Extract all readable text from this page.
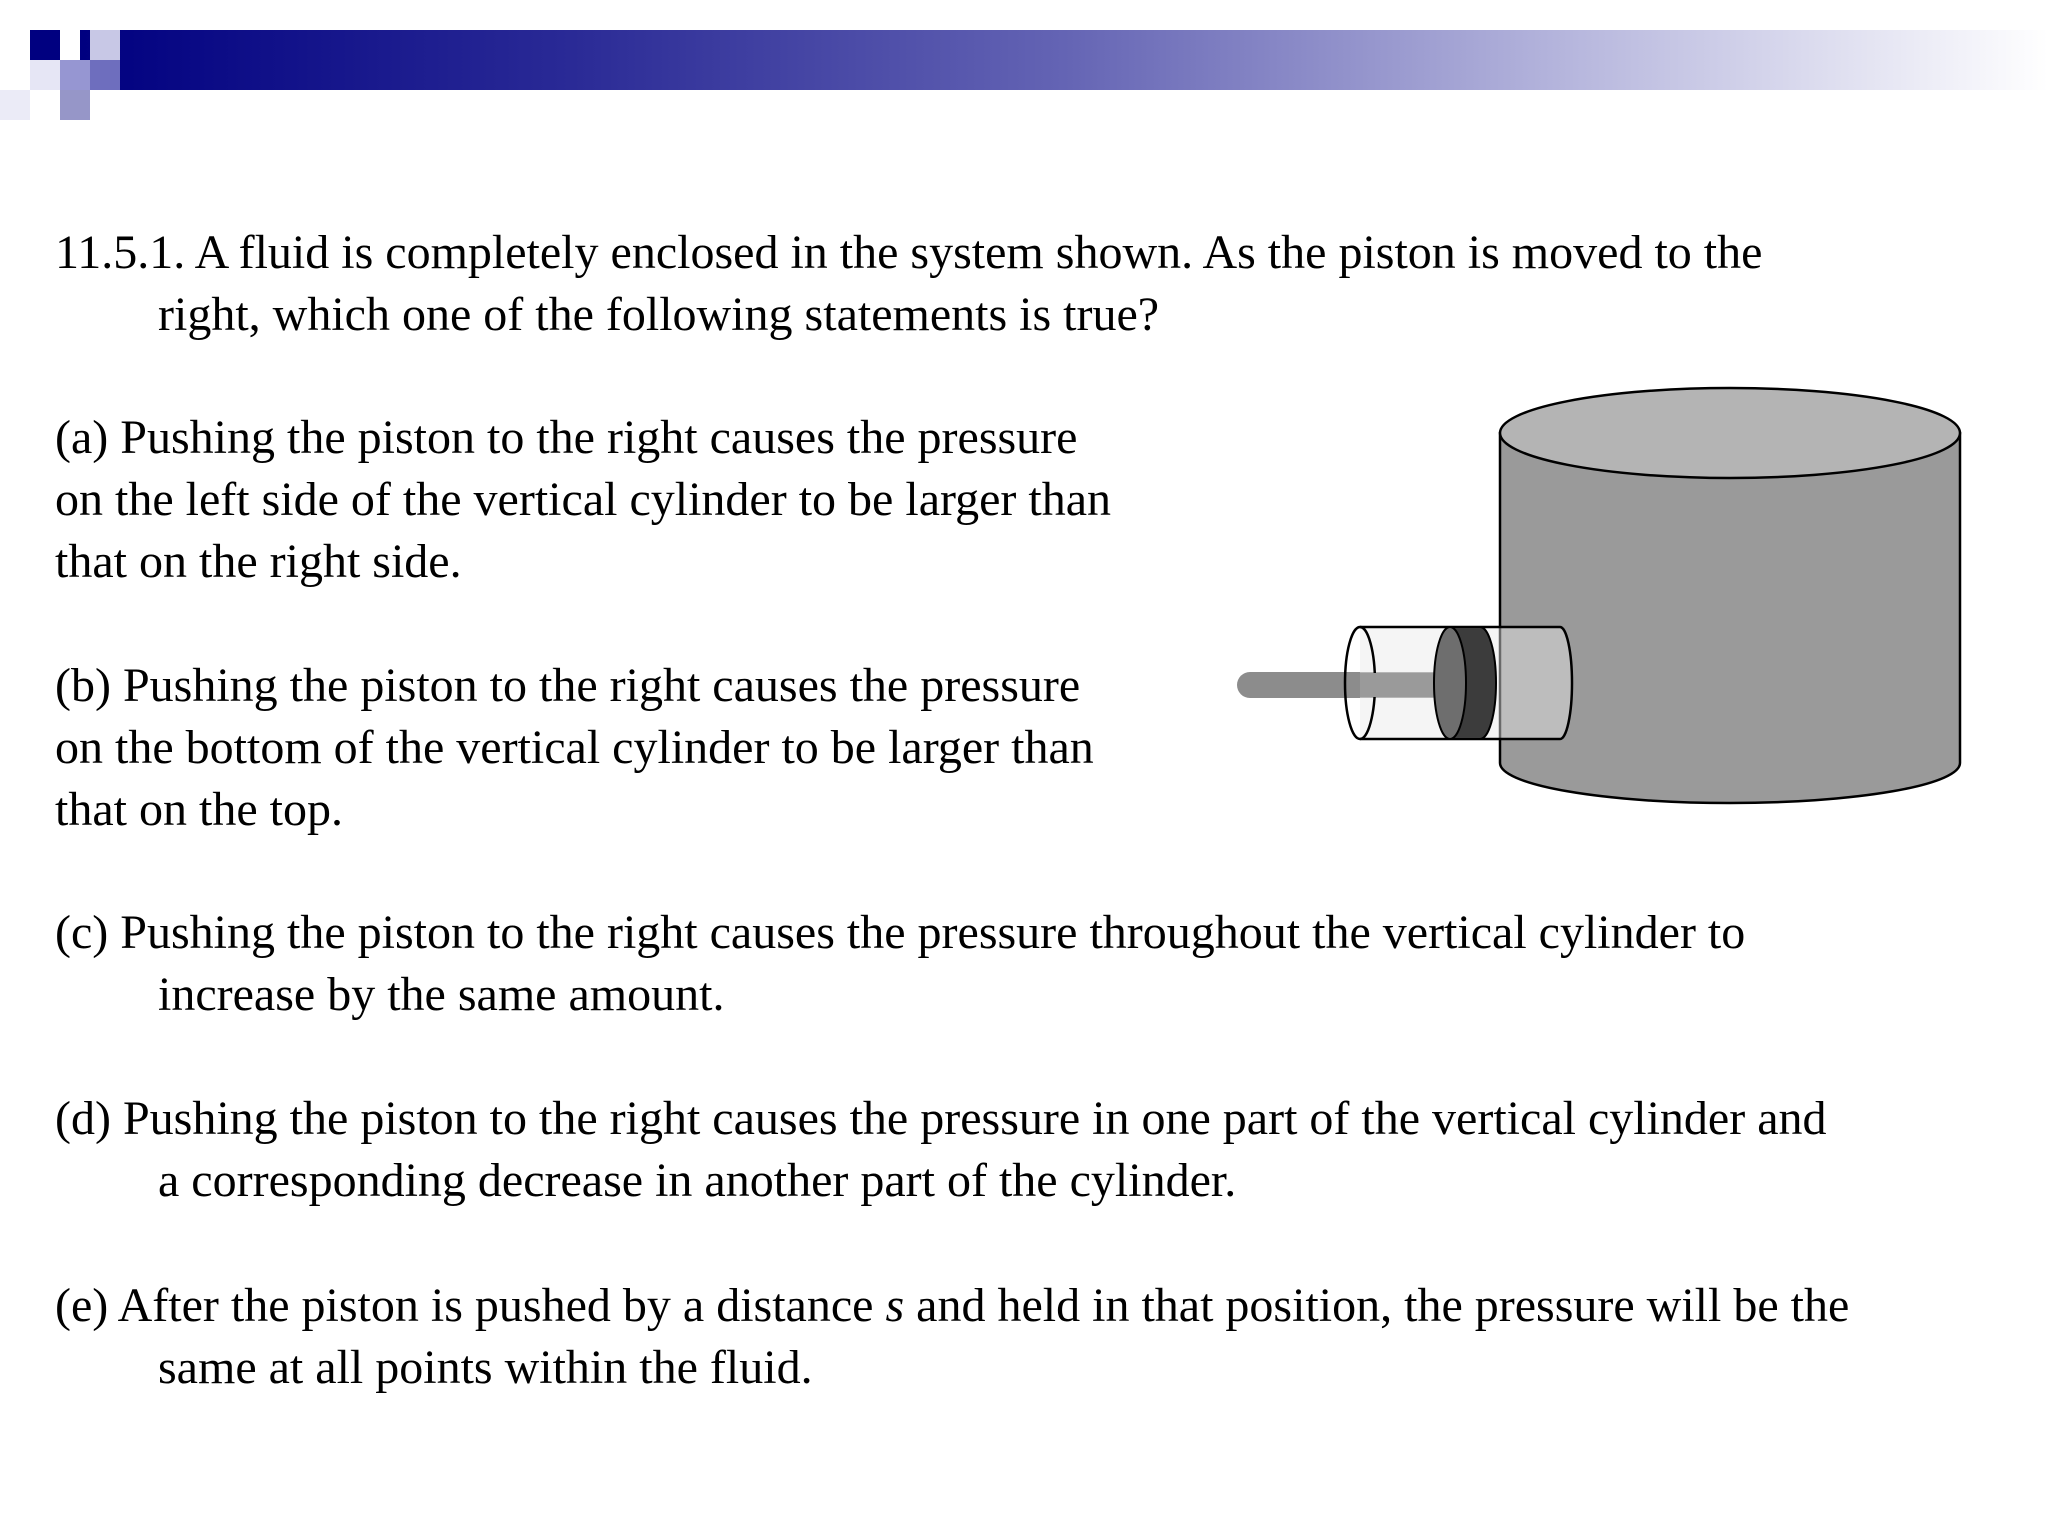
11.5.1. A fluid is completely enclosed in the system shown. As the piston is moved to the
right, which one of the following statements is true?

(a) Pushing the piston to the right causes the pressure
on the left side of the vertical cylinder to be larger than
that on the right side.

(b) Pushing the piston to the right causes the pressure
on the bottom of the vertical cylinder to be larger than
that on the top.

(c) Pushing the piston to the right causes the pressure throughout the vertical cylinder to
increase by the same amount.

(d) Pushing the piston to the right causes the pressure in one part of the vertical cylinder and
a corresponding decrease in another part of the cylinder.

(e) After the piston is pushed by a distance s and held in that position, the pressure will be the
same at all points within the fluid.
